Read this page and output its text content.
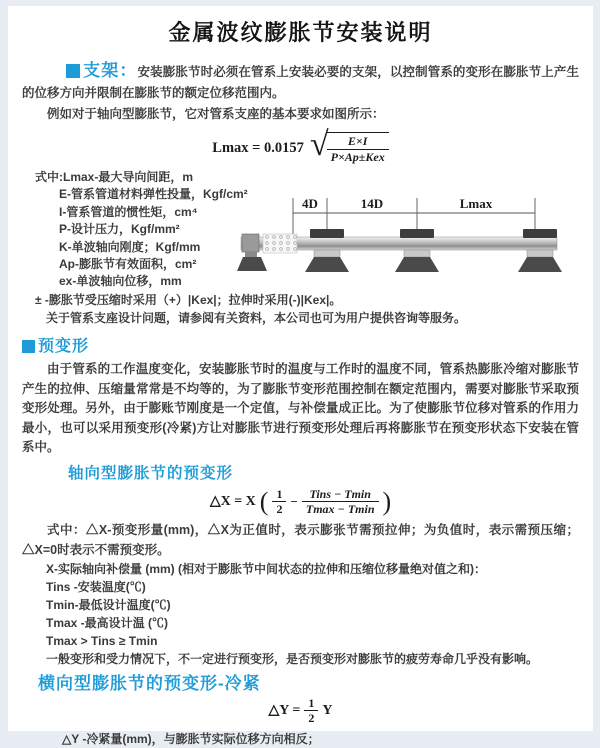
金属波纹膨胀节安装说明

支架：安装膨胀节时必须在管系上安装必要的支架，以控制管系的变形在膨胀节上产生的位移方向并限制在膨胀节的额定位移范围内。

例如对于轴向型膨胀节，它对管系支座的基本要求如图所示：

Lmax = 0.0157 √
$\frac{E\times I}{\text{P×Ap±Kex}}$

式中:Lmax-最大导向间距，m

E-管系管道材料弹性投量，Kgf/cm²

I-管系管道的惯性矩，cm⁴

P-设计压力，Kgf/mm²

K-单波轴向刚度；Kgf/mm

Ap-膨胀节有效面积，cm²

ex-单波轴向位移，mm

4D	14D	Lmax

± -膨胀节受压缩时采用（+）|Kex|；拉伸时采用(-)|Kex|。

关于管系支座设计问题，请参阅有关资料，本公司也可为用户提供咨询等服务。

预变形

由于管系的工作温度变化，安装膨胀节时的温度与工作时的温度不同，管系热膨胀冷缩对膨胀节产生的拉伸、压缩量常常是不均等的，为了膨胀节变形范围控制在额定范围内，需要对膨胀节采取预变形处理。另外，由于膨账节刚度是一个定值，与补偿量成正比。为了使膨胀节位移对管系的作用力最小，也可以采用预变形(冷紧)方让对膨胀节进行预变形处理后再将膨胀节在预变形状态下安装在管系中。

轴向型膨胀节的预变形
△X = X ( $\frac{1}{2} - \frac{\text{Tins − Tmin}}{Tmax - Tmin}$ )

式中：△X-预变形量(mm)，△X为正值时，表示膨张节需预拉伸；为负值时，表示需预压缩；△X=0时表示不需预变形。

X-实际轴向补偿量 (mm) (相对于膨胀节中间状态的拉伸和压缩位移量绝对值之和)：

Tins -安装温度(℃)

Tmin-最低设计温度(℃)

Tmax -最高设计温 (℃)

Tmax > Tins ≥ Tmin

一般变形和受力情况下，不一定进行预变形，是否预变形对膨胀节的疲劳寿命几乎没有影响。

横向型膨胀节的预变形-冷紧
△Y = $\frac{1}{2}$ Y

△Y -冷紧量(mm)，与膨胀节实际位移方向相反；
